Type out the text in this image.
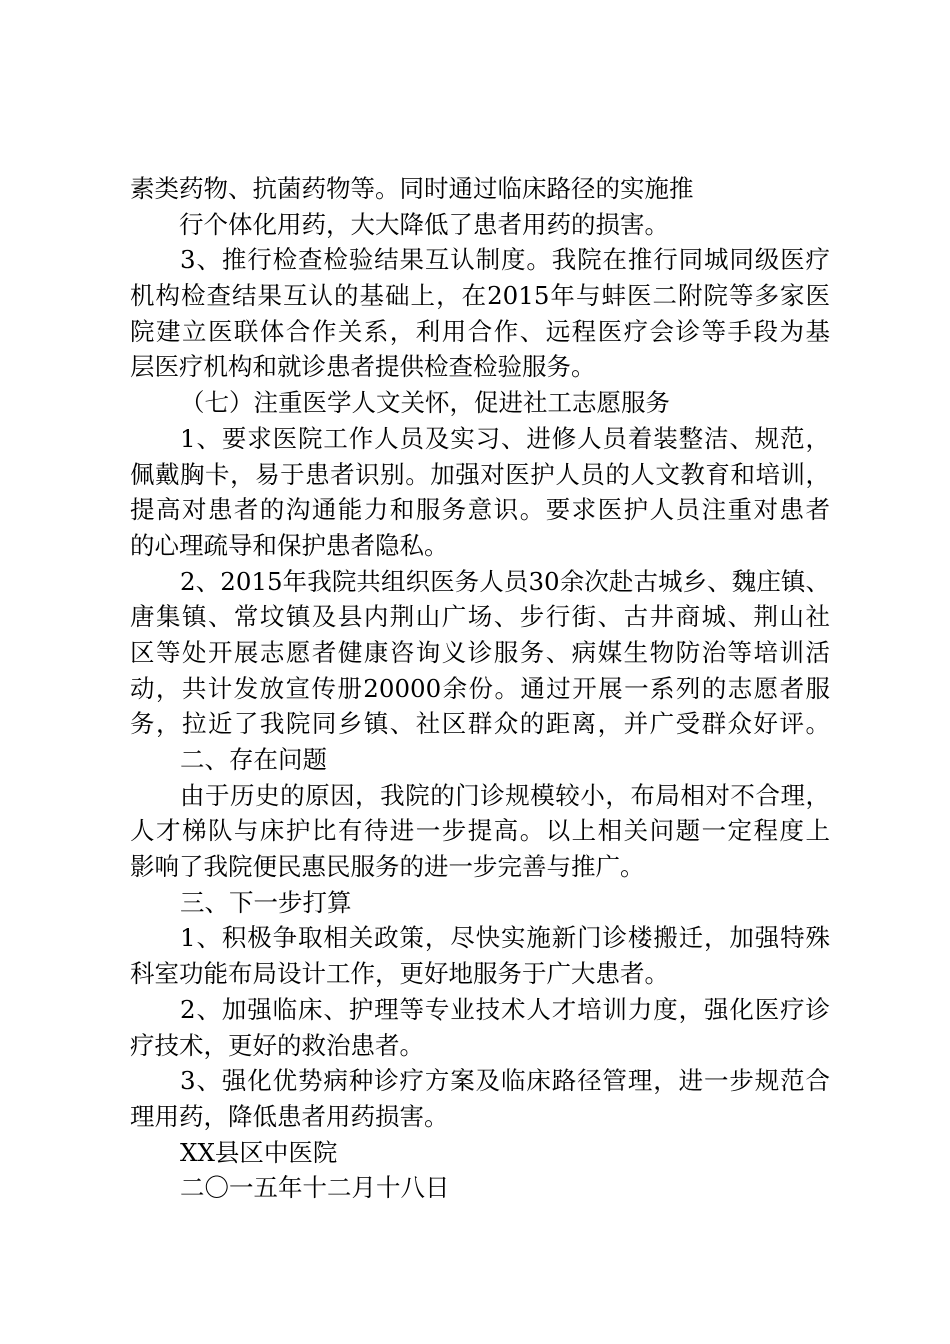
素类药物、抗菌药物等。同时通过临床路径的实施推
行个体化用药，大大降低了患者用药的损害。
3、推行检查检验结果互认制度。我院在推行同城同级医疗
机构检查结果互认的基础上，在2015年与蚌医二附院等多家医
院建立医联体合作关系，利用合作、远程医疗会诊等手段为基
层医疗机构和就诊患者提供检查检验服务。
（七）注重医学人文关怀，促进社工志愿服务
1、要求医院工作人员及实习、进修人员着装整洁、规范，
佩戴胸卡，易于患者识别。加强对医护人员的人文教育和培训，
提高对患者的沟通能力和服务意识。要求医护人员注重对患者
的心理疏导和保护患者隐私。
2、2015年我院共组织医务人员30余次赴古城乡、魏庄镇、
唐集镇、常坟镇及县内荆山广场、步行街、古井商城、荆山社
区等处开展志愿者健康咨询义诊服务、病媒生物防治等培训活
动，共计发放宣传册20000余份。通过开展一系列的志愿者服
务，拉近了我院同乡镇、社区群众的距离，并广受群众好评。
二、存在问题
由于历史的原因，我院的门诊规模较小，布局相对不合理，
人才梯队与床护比有待进一步提高。以上相关问题一定程度上
影响了我院便民惠民服务的进一步完善与推广。
三、下一步打算
1、积极争取相关政策，尽快实施新门诊楼搬迁，加强特殊
科室功能布局设计工作，更好地服务于广大患者。
2、加强临床、护理等专业技术人才培训力度，强化医疗诊
疗技术，更好的救治患者。
3、强化优势病种诊疗方案及临床路径管理，进一步规范合
理用药，降低患者用药损害。
XX县区中医院
二〇一五年十二月十八日
